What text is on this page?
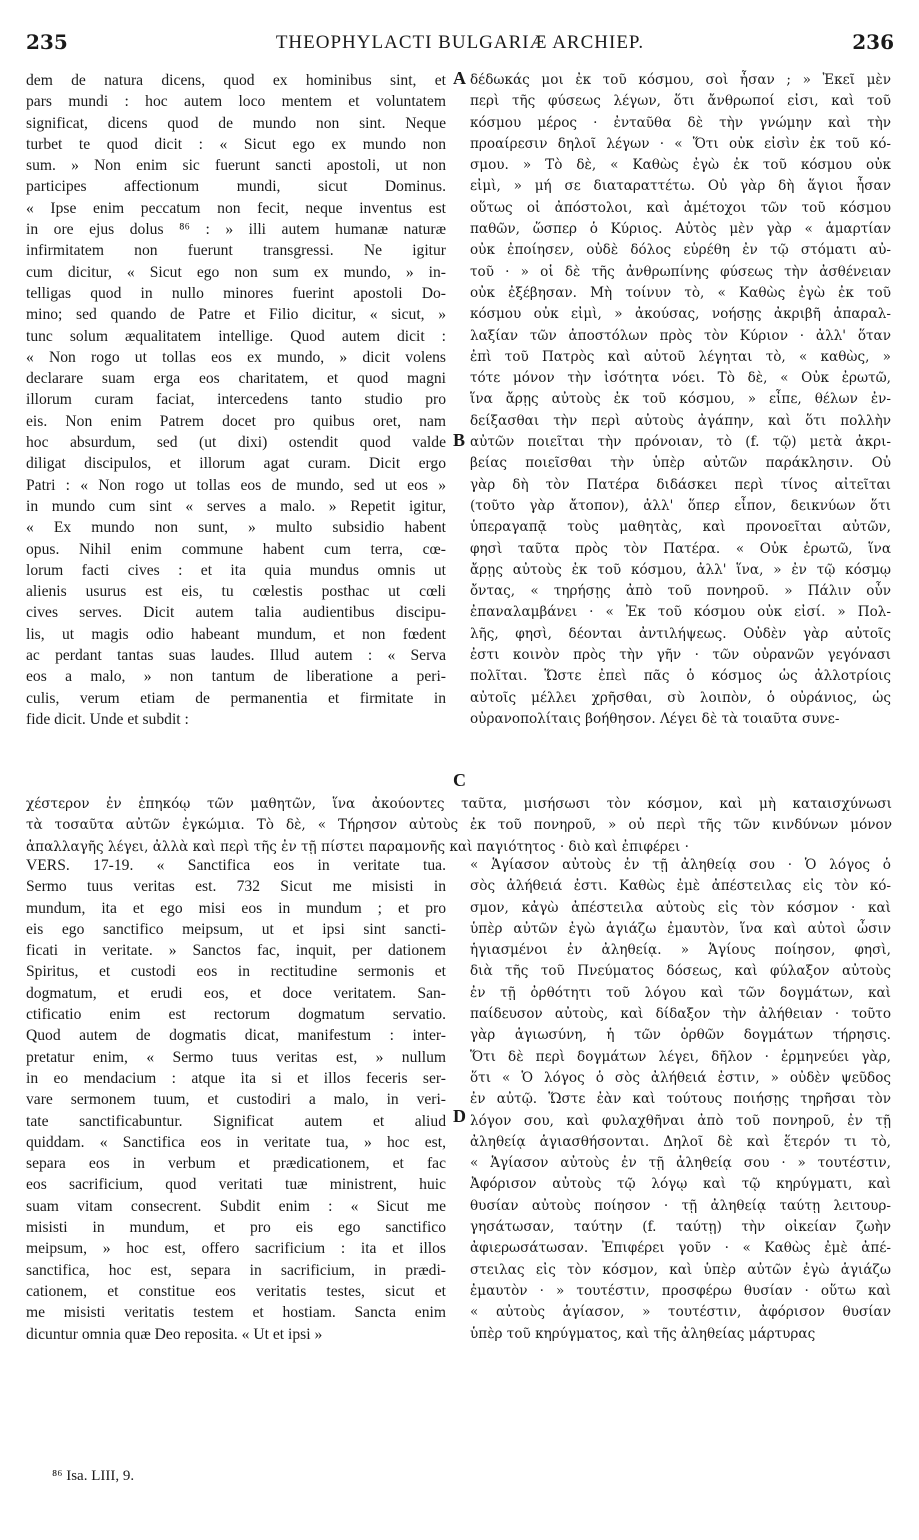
235	THEOPHYLACTI BULGARIÆ ARCHIEP.	236
A
B
C
D
dem de natura dicens, quod ex hominibus sint, et
pars mundi : hoc autem loco mentem et voluntatem
significat, dicens quod de mundo non sint. Neque
turbet te quod dicit : « Sicut ego ex mundo non
sum. » Non enim sic fuerunt sancti apostoli, ut non
participes affectionum mundi, sicut Dominus.
« Ipse enim peccatum non fecit, neque inventus est
in ore ejus dolus ⁸⁶ : » illi autem humanæ naturæ
infirmitatem non fuerunt transgressi. Ne igitur
cum dicitur, « Sicut ego non sum ex mundo, » in-
telligas quod in nullo minores fuerint apostoli Do-
mino; sed quando de Patre et Filio dicitur, « sicut, »
tunc solum æqualitatem intellige. Quod autem dicit :
« Non rogo ut tollas eos ex mundo, » dicit volens
declarare suam erga eos charitatem, et quod magni
illorum curam faciat, intercedens tanto studio pro
eis. Non enim Patrem docet pro quibus oret, nam
hoc absurdum, sed (ut dixi) ostendit quod valde
diligat discipulos, et illorum agat curam. Dicit ergo
Patri : « Non rogo ut tollas eos de mundo, sed ut eos »
in mundo cum sint « serves a malo. » Repetit igitur,
« Ex mundo non sunt, » multo subsidio habent
opus. Nihil enim commune habent cum terra, cœ-
lorum facti cives : et ita quia mundus omnis ut
alienis usurus est eis, tu cœlestis posthac ut cœli
cives serves. Dicit autem talia audientibus discipu-
lis, ut magis odio habeant mundum, et non fœdent
ac perdant tantas suas laudes. Illud autem : « Serva
eos a malo, » non tantum de liberatione a peri-
culis, verum etiam de permanentia et firmitate in
fide dicit. Unde et subdit :
δέδωκάς μοι ἐκ τοῦ κόσμου, σοὶ ἦσαν ; » Ἐκεῖ μὲν
περὶ τῆς φύσεως λέγων, ὅτι ἄνθρωποί εἰσι, καὶ τοῦ
κόσμου μέρος · ἐνταῦθα δὲ τὴν γνώμην καὶ τὴν
προαίρεσιν δηλοῖ λέγων · « Ὅτι οὐκ εἰσὶν ἐκ τοῦ κό-
σμου. » Τὸ δὲ, « Καθὼς ἐγὼ ἐκ τοῦ κόσμου οὐκ
εἰμὶ, » μή σε διαταραττέτω. Οὐ γὰρ δὴ ἅγιοι ἦσαν
οὕτως οἱ ἀπόστολοι, καὶ ἀμέτοχοι τῶν τοῦ κόσμου
παθῶν, ὥσπερ ὁ Κύριος. Αὐτὸς μὲν γὰρ « ἁμαρτίαν
οὐκ ἐποίησεν, οὐδὲ δόλος εὑρέθη ἐν τῷ στόματι αὐ-
τοῦ · » οἱ δὲ τῆς ἀνθρωπίνης φύσεως τὴν ἀσθένειαν
οὐκ ἐξέβησαν. Μὴ τοίνυν τὸ, « Καθὼς ἐγὼ ἐκ τοῦ
κόσμου οὐκ εἰμὶ, » ἀκούσας, νοήσῃς ἀκριβῆ ἀπαραλ-
λαξίαν τῶν ἀποστόλων πρὸς τὸν Κύριον · ἀλλ' ὅταν
ἐπὶ τοῦ Πατρὸς καὶ αὐτοῦ λέγηται τὸ, « καθὼς, »
τότε μόνον τὴν ἰσότητα νόει. Τὸ δὲ, « Οὐκ ἐρωτῶ,
ἵνα ἄρῃς αὐτοὺς ἐκ τοῦ κόσμου, » εἶπε, θέλων ἐν-
δείξασθαι τὴν περὶ αὐτοὺς ἀγάπην, καὶ ὅτι πολλὴν
αὐτῶν ποιεῖται τὴν πρόνοιαν, τὸ (f. τῷ) μετὰ ἀκρι-
βείας ποιεῖσθαι τὴν ὑπὲρ αὐτῶν παράκλησιν. Οὐ
γὰρ δὴ τὸν Πατέρα διδάσκει περὶ τίνος αἰτεῖται
(τοῦτο γὰρ ἄτοπον), ἀλλ' ὅπερ εἶπον, δεικνύων ὅτι
ὑπεραγαπᾷ τοὺς μαθητὰς, καὶ προνοεῖται αὐτῶν,
φησὶ ταῦτα πρὸς τὸν Πατέρα. « Οὐκ ἐρωτῶ, ἵνα
ἄρῃς αὐτοὺς ἐκ τοῦ κόσμου, ἀλλ' ἵνα, » ἐν τῷ κόσμῳ
ὄντας, « τηρήσῃς ἀπὸ τοῦ πονηροῦ. » Πάλιν οὖν
ἐπαναλαμβάνει · « Ἐκ τοῦ κόσμου οὐκ εἰσί. » Πολ-
λῆς, φησὶ, δέονται ἀντιλήψεως. Οὐδὲν γὰρ αὐτοῖς
ἐστι κοινὸν πρὸς τὴν γῆν · τῶν οὐρανῶν γεγόνασι
πολῖται. Ὥστε ἐπεὶ πᾶς ὁ κόσμος ὡς ἀλλοτρίοις
αὐτοῖς μέλλει χρῆσθαι, σὺ λοιπὸν, ὁ οὐράνιος, ὡς
οὐρανοπολίταις βοήθησον. Λέγει δὲ τὰ τοιαῦτα συνε-
χέστερον ἐν ἐπηκόῳ τῶν μαθητῶν, ἵνα ἀκούοντες ταῦτα, μισήσωσι τὸν κόσμον, καὶ μὴ καταισχύνωσι
τὰ τοσαῦτα αὐτῶν ἐγκώμια. Τὸ δὲ, « Τήρησον αὐτοὺς ἐκ τοῦ πονηροῦ, » οὐ περὶ τῆς τῶν κινδύνων μόνον
ἀπαλλαγῆς λέγει, ἀλλὰ καὶ περὶ τῆς ἐν τῇ πίστει παραμονῆς καὶ παγιότητος · διὸ καὶ ἐπιφέρει ·
VERS. 17-19. « Sanctifica eos in veritate tua.
Sermo tuus veritas est. 732 Sicut me misisti in
mundum, ita et ego misi eos in mundum ; et pro
eis ego sanctifico meipsum, ut et ipsi sint sancti-
ficati in veritate. » Sanctos fac, inquit, per dationem
Spiritus, et custodi eos in rectitudine sermonis et
dogmatum, et erudi eos, et doce veritatem. San-
ctificatio enim est rectorum dogmatum servatio.
Quod autem de dogmatis dicat, manifestum : inter-
pretatur enim, « Sermo tuus veritas est, » nullum
in eo mendacium : atque ita si et illos feceris ser-
vare sermonem tuum, et custodiri a malo, in veri-
tate sanctificabuntur. Significat autem et aliud
quiddam. « Sanctifica eos in veritate tua, » hoc est,
separa eos in verbum et prædicationem, et fac
eos sacrificium, quod veritati tuæ ministrent, huic
suam vitam consecrent. Subdit enim : « Sicut me
misisti in mundum, et pro eis ego sanctifico
meipsum, » hoc est, offero sacrificium : ita et illos
sanctifica, hoc est, separa in sacrificium, in prædi-
cationem, et constitue eos veritatis testes, sicut et
me misisti veritatis testem et hostiam. Sancta enim
dicuntur omnia quæ Deo reposita. « Ut et ipsi »
« Ἁγίασον αὐτοὺς ἐν τῇ ἀληθείᾳ σου · Ὁ λόγος ὁ
σὸς ἀλήθειά ἐστι. Καθὼς ἐμὲ ἀπέστειλας εἰς τὸν κό-
σμον, κἀγὼ ἀπέστειλα αὐτοὺς εἰς τὸν κόσμον · καὶ
ὑπὲρ αὐτῶν ἐγὼ ἁγιάζω ἐμαυτὸν, ἵνα καὶ αὐτοὶ ὦσιν
ἡγιασμένοι ἐν ἀληθείᾳ. » Ἁγίους ποίησον, φησὶ,
διὰ τῆς τοῦ Πνεύματος δόσεως, καὶ φύλαξον αὐτοὺς
ἐν τῇ ὀρθότητι τοῦ λόγου καὶ τῶν δογμάτων, καὶ
παίδευσον αὐτοὺς, καὶ δίδαξον τὴν ἀλήθειαν · τοῦτο
γὰρ ἁγιωσύνη, ἡ τῶν ὀρθῶν δογμάτων τήρησις.
Ὅτι δὲ περὶ δογμάτων λέγει, δῆλον · ἑρμηνεύει γὰρ,
ὅτι « Ὁ λόγος ὁ σὸς ἀλήθειά ἐστιν, » οὐδὲν ψεῦδος
ἐν αὐτῷ. Ὥστε ἐὰν καὶ τούτους ποιήσῃς τηρῆσαι τὸν
λόγον σου, καὶ φυλαχθῆναι ἀπὸ τοῦ πονηροῦ, ἐν τῇ
ἀληθείᾳ ἁγιασθήσονται. Δηλοῖ δὲ καὶ ἕτερόν τι τὸ,
« Ἁγίασον αὐτοὺς ἐν τῇ ἀληθείᾳ σου · » τουτέστιν,
Ἀφόρισον αὐτοὺς τῷ λόγῳ καὶ τῷ κηρύγματι, καὶ
θυσίαν αὐτοὺς ποίησον · τῇ ἀληθείᾳ ταύτῃ λειτουρ-
γησάτωσαν, ταύτην (f. ταύτῃ) τὴν οἰκείαν ζωὴν
ἀφιερωσάτωσαν. Ἐπιφέρει γοῦν · « Καθὼς ἐμὲ ἀπέ-
στειλας εἰς τὸν κόσμον, καὶ ὑπὲρ αὐτῶν ἐγὼ ἁγιάζω
ἐμαυτὸν · » τουτέστιν, προσφέρω θυσίαν · οὕτω καὶ
« αὐτοὺς ἁγίασον, » τουτέστιν, ἀφόρισον θυσίαν
ὑπὲρ τοῦ κηρύγματος, καὶ τῆς ἀληθείας μάρτυρας
⁸⁶ Isa. LIII, 9.
